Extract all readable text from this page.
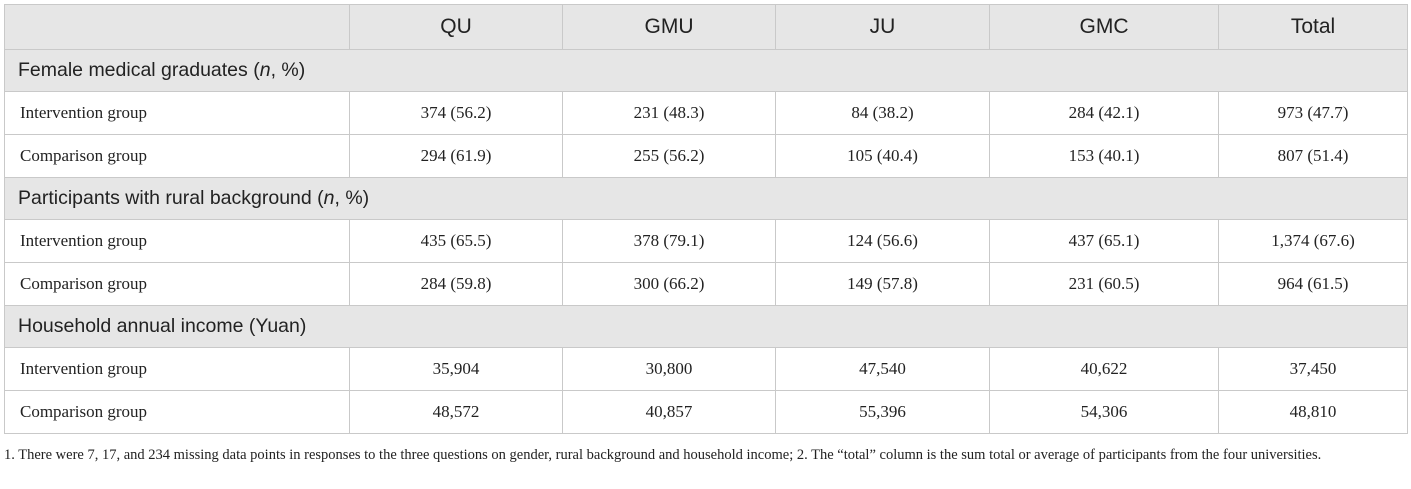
	QU	GMU	JU	GMC	Total
Female medical graduates (n, %)					
Intervention group	374 (56.2)	231 (48.3)	84 (38.2)	284 (42.1)	973 (47.7)
Comparison group	294 (61.9)	255 (56.2)	105 (40.4)	153 (40.1)	807 (51.4)
Participants with rural background (n, %)					
Intervention group	435 (65.5)	378 (79.1)	124 (56.6)	437 (65.1)	1,374 (67.6)
Comparison group	284 (59.8)	300 (66.2)	149 (57.8)	231 (60.5)	964 (61.5)
Household annual income (Yuan)					
Intervention group	35,904	30,800	47,540	40,622	37,450
Comparison group	48,572	40,857	55,396	54,306	48,810
1. There were 7, 17, and 234 missing data points in responses to the three questions on gender, rural background and household income; 2. The “total” column is the sum total or average of participants from the four universities.
